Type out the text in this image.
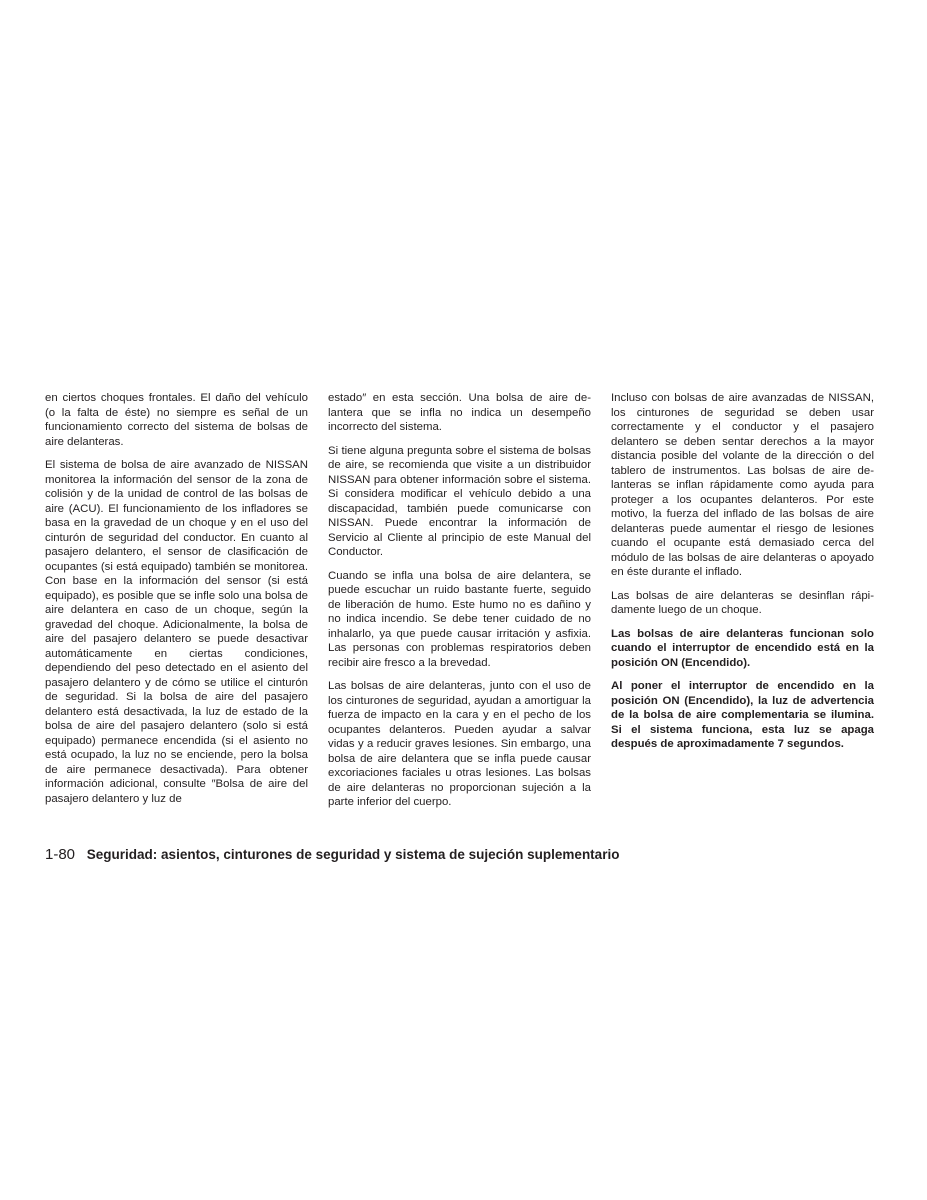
en ciertos choques frontales. El daño del vehículo (o la falta de éste) no siempre es señal de un funcionamiento correcto del sistema de bolsas de aire delanteras.

El sistema de bolsa de aire avanzado de NISSAN monitorea la información del sensor de la zona de colisión y de la unidad de control de las bolsas de aire (ACU). El funcionamiento de los infladores se basa en la gravedad de un choque y en el uso del cinturón de seguridad del conductor. En cuanto al pasajero delantero, el sensor de clasificación de ocupantes (si está equipado) también se monitorea. Con base en la información del sensor (si está equipado), es posible que se infle solo una bolsa de aire delantera en caso de un choque, según la gravedad del choque. Adicionalmente, la bolsa de aire del pasajero delantero se puede desactivar automáticamente en ciertas condiciones, dependiendo del peso detectado en el asiento del pasajero delantero y de cómo se utilice el cinturón de seguridad. Si la bolsa de aire del pasajero delantero está desactivada, la luz de estado de la bolsa de aire del pasajero delantero (solo si está equipado) permanece encendida (si el asiento no está ocupado, la luz no se enciende, pero la bolsa de aire permanece desactivada). Para obtener información adicional, consulte ″Bolsa de aire del pasajero delantero y luz de

estado″ en esta sección. Una bolsa de aire delantera que se infla no indica un desempeño incorrecto del sistema.

Si tiene alguna pregunta sobre el sistema de bolsas de aire, se recomienda que visite a un distribuidor NISSAN para obtener información sobre el sistema. Si considera modificar el vehículo debido a una discapacidad, también puede comunicarse con NISSAN. Puede encontrar la información de Servicio al Cliente al principio de este Manual del Conductor.

Cuando se infla una bolsa de aire delantera, se puede escuchar un ruido bastante fuerte, seguido de liberación de humo. Este humo no es dañino y no indica incendio. Se debe tener cuidado de no inhalarlo, ya que puede causar irritación y asfixia. Las personas con problemas respiratorios deben recibir aire fresco a la brevedad.

Las bolsas de aire delanteras, junto con el uso de los cinturones de seguridad, ayudan a amortiguar la fuerza de impacto en la cara y en el pecho de los ocupantes delanteros. Pueden ayudar a salvar vidas y a reducir graves lesiones. Sin embargo, una bolsa de aire delantera que se infla puede causar excoriaciones faciales u otras lesiones. Las bolsas de aire delanteras no proporcionan sujeción a la parte inferior del cuerpo.

Incluso con bolsas de aire avanzadas de NISSAN, los cinturones de seguridad se deben usar correctamente y el conductor y el pasajero delantero se deben sentar derechos a la mayor distancia posible del volante de la dirección o del tablero de instrumentos. Las bolsas de aire delanteras se inflan rápidamente como ayuda para proteger a los ocupantes delanteros. Por este motivo, la fuerza del inflado de las bolsas de aire delanteras puede aumentar el riesgo de lesiones cuando el ocupante está demasiado cerca del módulo de las bolsas de aire delanteras o apoyado en éste durante el inflado.

Las bolsas de aire delanteras se desinflan rápidamente luego de un choque.

Las bolsas de aire delanteras funcionan solo cuando el interruptor de encendido está en la posición ON (Encendido).

Al poner el interruptor de encendido en la posición ON (Encendido), la luz de advertencia de la bolsa de aire complementaria se ilumina. Si el sistema funciona, esta luz se apaga después de aproximadamente 7 segundos.

1-80 Seguridad: asientos, cinturones de seguridad y sistema de sujeción suplementario
